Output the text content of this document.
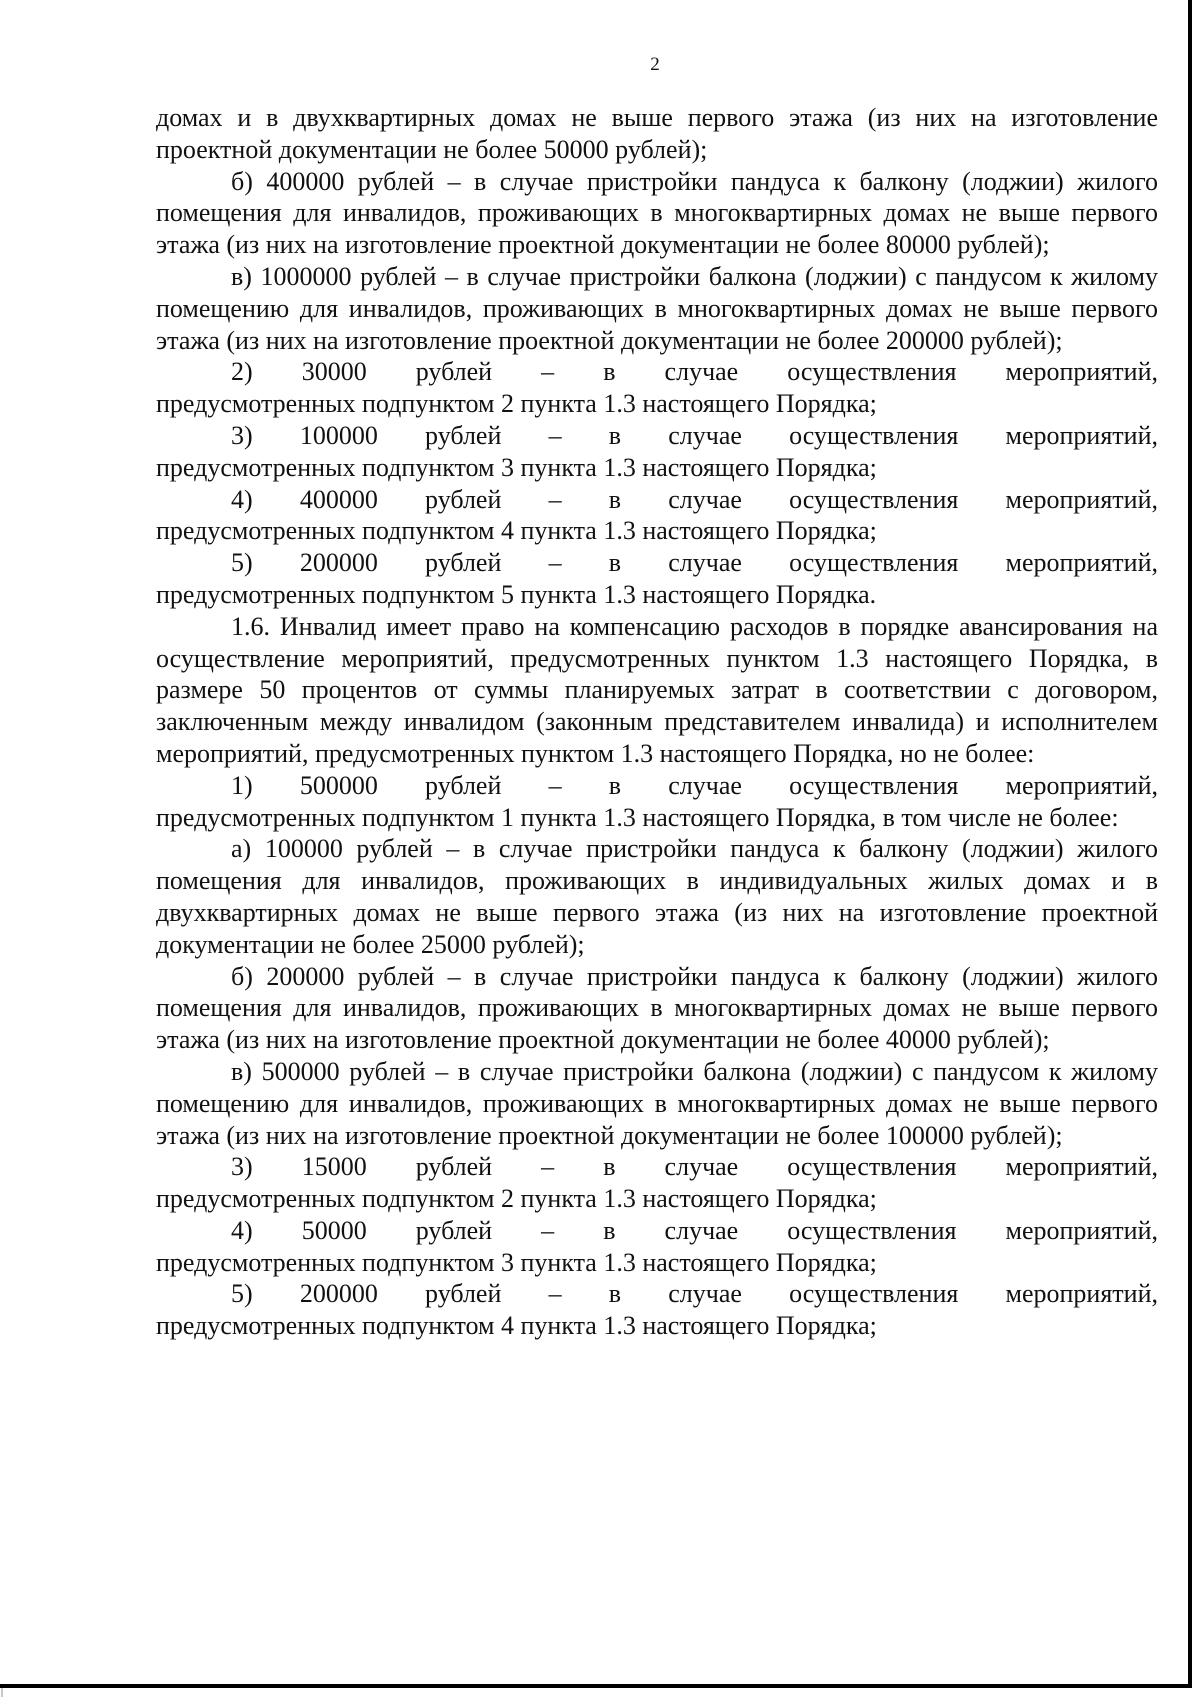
2

домах и в двухквартирных домах не выше первого этажа (из них на изготовление проектной документации не более 50000 рублей);

б) 400000 рублей – в случае пристройки пандуса к балкону (лоджии) жилого помещения для инвалидов, проживающих в многоквартирных домах не выше первого этажа (из них на изготовление проектной документации не более 80000 рублей);

в) 1000000 рублей – в случае пристройки балкона (лоджии) с пандусом к жилому помещению для инвалидов, проживающих в многоквартирных домах не выше первого этажа (из них на изготовление проектной документации не более 200000 рублей);

2) 30000 рублей – в случае осуществления мероприятий,

предусмотренных подпунктом 2 пункта 1.3 настоящего Порядка;

3) 100000 рублей – в случае осуществления мероприятий,

предусмотренных подпунктом 3 пункта 1.3 настоящего Порядка;

4) 400000 рублей – в случае осуществления мероприятий,

предусмотренных подпунктом 4 пункта 1.3 настоящего Порядка;

5) 200000 рублей – в случае осуществления мероприятий,

предусмотренных подпунктом 5 пункта 1.3 настоящего Порядка.

1.6. Инвалид имеет право на компенсацию расходов в порядке авансирования на осуществление мероприятий, предусмотренных пунктом 1.3 настоящего Порядка, в размере 50 процентов от суммы планируемых затрат в соответствии с договором, заключенным между инвалидом (законным представителем инвалида) и исполнителем мероприятий, предусмотренных пунктом 1.3 настоящего Порядка, но не более:

1) 500000 рублей – в случае осуществления мероприятий,

предусмотренных подпунктом 1 пункта 1.3 настоящего Порядка, в том числе не более:

а) 100000 рублей – в случае пристройки пандуса к балкону (лоджии) жилого помещения для инвалидов, проживающих в индивидуальных жилых домах и в двухквартирных домах не выше первого этажа (из них на изготовление проектной документации не более 25000 рублей);

б) 200000 рублей – в случае пристройки пандуса к балкону (лоджии) жилого помещения для инвалидов, проживающих в многоквартирных домах не выше первого этажа (из них на изготовление проектной документации не более 40000 рублей);

в) 500000 рублей – в случае пристройки балкона (лоджии) с пандусом к жилому помещению для инвалидов, проживающих в многоквартирных домах не выше первого этажа (из них на изготовление проектной документации не более 100000 рублей);

3) 15000 рублей – в случае осуществления мероприятий,

предусмотренных подпунктом 2 пункта 1.3 настоящего Порядка;

4) 50000 рублей – в случае осуществления мероприятий,

предусмотренных подпунктом 3 пункта 1.3 настоящего Порядка;

5) 200000 рублей – в случае осуществления мероприятий,

предусмотренных подпунктом 4 пункта 1.3 настоящего Порядка;
